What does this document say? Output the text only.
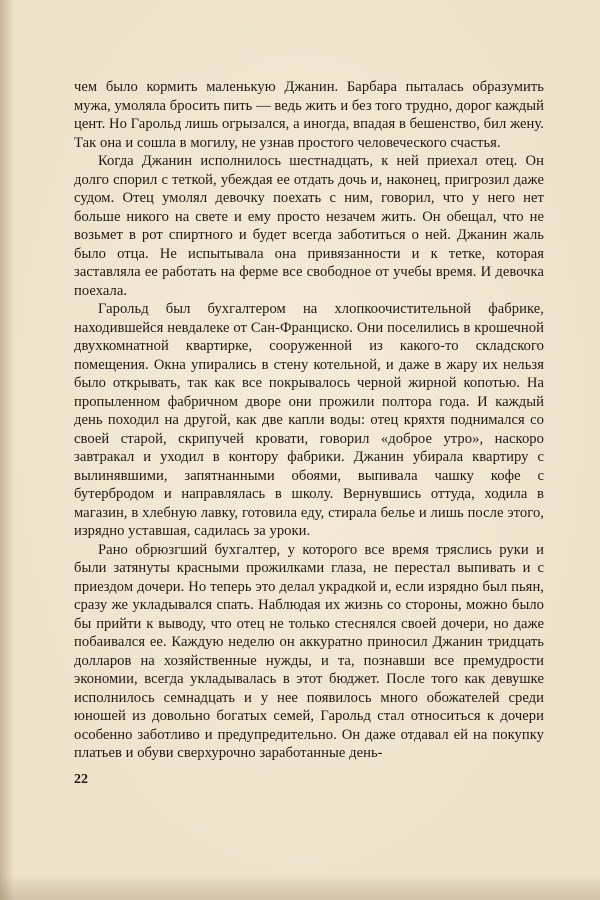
чем было кормить маленькую Джанин. Барбара пыталась образумить мужа, умоляла бросить пить — ведь жить и без того трудно, дорог каждый цент. Но Гарольд лишь огрызался, а иногда, впадая в бешенство, бил жену. Так она и сошла в могилу, не узнав простого человеческого счастья.

Когда Джанин исполнилось шестнадцать, к ней приехал отец. Он долго спорил с теткой, убеждая ее отдать дочь и, наконец, пригрозил даже судом. Отец умолял девочку поехать с ним, говорил, что у него нет больше никого на свете и ему просто незачем жить. Он обещал, что не возьмет в рот спиртного и будет всегда заботиться о ней. Джанин жаль было отца. Не испытывала она привязанности и к тетке, которая заставляла ее работать на ферме все свободное от учебы время. И девочка поехала.

Гарольд был бухгалтером на хлопкоочистительной фабрике, находившейся невдалеке от Сан-Франциско. Они поселились в крошечной двухкомнатной квартирке, сооруженной из какого-то складского помещения. Окна упирались в стену котельной, и даже в жару их нельзя было открывать, так как все покрывалось черной жирной копотью. На пропыленном фабричном дворе они прожили полтора года. И каждый день походил на другой, как две капли воды: отец кряхтя поднимался со своей старой, скрипучей кровати, говорил «доброе утро», наскоро завтракал и уходил в контору фабрики. Джанин убирала квартиру с вылинявшими, запятнанными обоями, выпивала чашку кофе с бутербродом и направлялась в школу. Вернувшись оттуда, ходила в магазин, в хлебную лавку, готовила еду, стирала белье и лишь после этого, изрядно уставшая, садилась за уроки.

Рано обрюзгший бухгалтер, у которого все время тряслись руки и были затянуты красными прожилками глаза, не перестал выпивать и с приездом дочери. Но теперь это делал украдкой и, если изрядно был пьян, сразу же укладывался спать. Наблюдая их жизнь со стороны, можно было бы прийти к выводу, что отец не только стеснялся своей дочери, но даже побаивался ее. Каждую неделю он аккуратно приносил Джанин тридцать долларов на хозяйственные нужды, и та, познавши все премудрости экономии, всегда укладывалась в этот бюджет. После того как девушке исполнилось семнадцать и у нее появилось много обожателей среди юношей из довольно богатых семей, Гарольд стал относиться к дочери особенно заботливо и предупредительно. Он даже отдавал ей на покупку платьев и обуви сверхурочно заработанные день-

22
